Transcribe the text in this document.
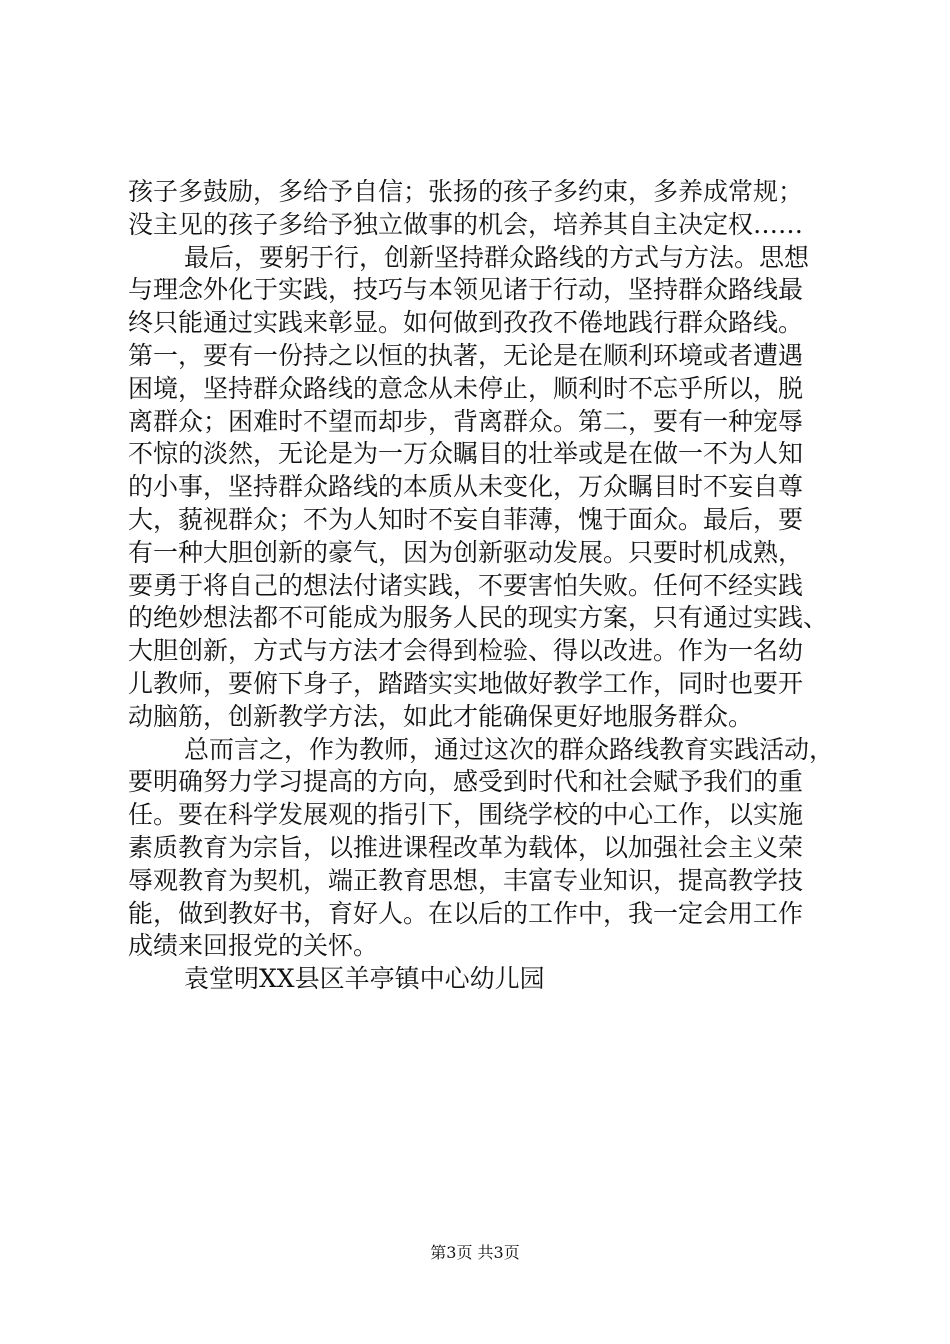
孩子多鼓励，多给予自信；张扬的孩子多约束，多养成常规；
没主见的孩子多给予独立做事的机会，培养其自主决定权……
最后，要躬于行，创新坚持群众路线的方式与方法。思想
与理念外化于实践，技巧与本领见诸于行动，坚持群众路线最
终只能通过实践来彰显。如何做到孜孜不倦地践行群众路线。
第一，要有一份持之以恒的执著，无论是在顺利环境或者遭遇
困境，坚持群众路线的意念从未停止，顺利时不忘乎所以，脱
离群众；困难时不望而却步，背离群众。第二，要有一种宠辱
不惊的淡然，无论是为一万众瞩目的壮举或是在做一不为人知
的小事，坚持群众路线的本质从未变化，万众瞩目时不妄自尊
大，藐视群众；不为人知时不妄自菲薄，愧于面众。最后，要
有一种大胆创新的豪气，因为创新驱动发展。只要时机成熟，
要勇于将自己的想法付诸实践，不要害怕失败。任何不经实践
的绝妙想法都不可能成为服务人民的现实方案，只有通过实践、
大胆创新，方式与方法才会得到检验、得以改进。作为一名幼
儿教师，要俯下身子，踏踏实实地做好教学工作，同时也要开
动脑筋，创新教学方法，如此才能确保更好地服务群众。
总而言之，作为教师，通过这次的群众路线教育实践活动，
要明确努力学习提高的方向，感受到时代和社会赋予我们的重
任。要在科学发展观的指引下，围绕学校的中心工作，以实施
素质教育为宗旨，以推进课程改革为载体，以加强社会主义荣
辱观教育为契机，端正教育思想，丰富专业知识，提高教学技
能，做到教好书，育好人。在以后的工作中，我一定会用工作
成绩来回报党的关怀。
袁堂明XX县区羊亭镇中心幼儿园
第3页 共3页
